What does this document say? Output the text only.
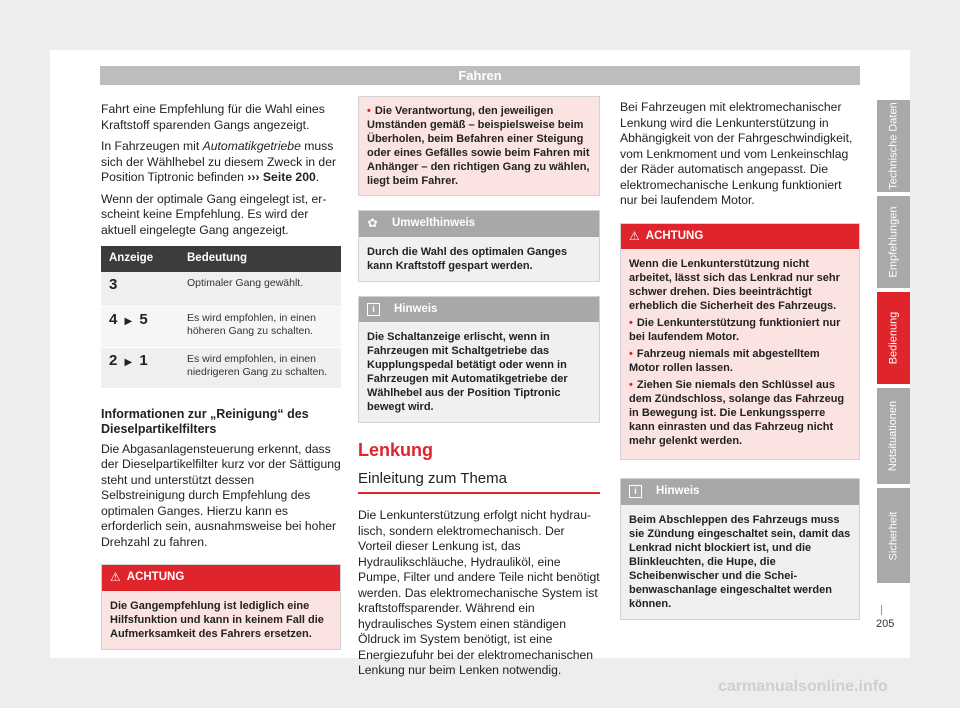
Fahren

Fahrt eine Empfehlung für die Wahl eines Kraftstoff sparenden Gangs angezeigt.

In Fahrzeugen mit Automatikgetriebe muss sich der Wählhebel zu diesem Zweck in der Position Tiptronic befinden ››› Seite 200.

Wenn der optimale Gang eingelegt ist, erscheint keine Empfehlung. Es wird der aktuell eingelegte Gang angezeigt.

Anzeige	Bedeutung
3	Optimaler Gang gewählt.
4 ▶ 5	Es wird empfohlen, in einen höheren Gang zu schalten.
2 ▶ 1	Es wird empfohlen, in einen niedrigeren Gang zu schalten.
Informationen zur „Reinigung“ des Dieselpartikelfilters

Die Abgasanlagensteuerung erkennt, dass der Dieselpartikelfilter kurz vor der Sättigung steht und unterstützt dessen Selbstreinigung durch Empfehlung des optimalen Ganges. Hierzu kann es erforderlich sein, ausnahmsweise bei hoher Drehzahl zu fahren.

⚠ ACHTUNG
Die Gangempfehlung ist lediglich eine Hilfsfunktion und kann in keinem Fall die Aufmerksamkeit des Fahrers ersetzen.
• Die Verantwortung, den jeweiligen Umständen gemäß – beispielsweise beim Überholen, beim Befahren einer Steigung oder eines Gefälles sowie beim Fahren mit Anhänger – den richtigen Gang zu wählen, liegt beim Fahrer.
✿ Umwelthinweis
Durch die Wahl des optimalen Ganges kann Kraftstoff gespart werden.
i	Hinweis
Die Schaltanzeige erlischt, wenn in Fahrzeugen mit Schaltgetriebe das Kupplungspedal betätigt oder wenn in Fahrzeugen mit Automatikgetriebe der Wählhebel aus der Position Tiptronic bewegt wird.
Lenkung
Einleitung zum Thema

Die Lenkunterstützung erfolgt nicht hydraulisch, sondern elektromechanisch. Der Vorteil dieser Lenkung ist, das Hydraulikschläuche, Hydrauliköl, eine Pumpe, Filter und andere Teile nicht benötigt werden. Das elektromechanische System ist kraftstoffsparender. Während ein hydraulisches System einen ständigen Öldruck im System benötigt, ist eine Energiezufuhr bei der elektromechanischen Lenkung nur beim Lenken notwendig.

Bei Fahrzeugen mit elektromechanischer Lenkung wird die Lenkunterstützung in Abhängigkeit von der Fahrgeschwindigkeit, vom Lenkmoment und vom Lenkeinschlag der Räder automatisch angepasst. Die elektromechanische Lenkung funktioniert nur bei laufendem Motor.

⚠ ACHTUNG

Wenn die Lenkunterstützung nicht arbeitet, lässt sich das Lenkrad nur sehr schwer drehen. Dies beeinträchtigt erheblich die Sicherheit des Fahrzeugs.

• Die Lenkunterstützung funktioniert nur bei laufendem Motor.

• Fahrzeug niemals mit abgestelltem Motor rollen lassen.

• Ziehen Sie niemals den Schlüssel aus dem Zündschloss, solange das Fahrzeug in Bewegung ist. Die Lenkungssperre kann einrasten und das Fahrzeug nicht mehr gelenkt werden.

i	Hinweis
Beim Abschleppen des Fahrzeugs muss sie Zündung eingeschaltet sein, damit das Lenkrad nicht blockiert ist, und die Blinkleuchten, die Hupe, die Scheibenwischer und die Scheibenwaschanlage eingeschaltet werden können.
Technische Daten
Empfehlungen
Bedienung
Notsituationen
Sicherheit
205
carmanualsonline.info
